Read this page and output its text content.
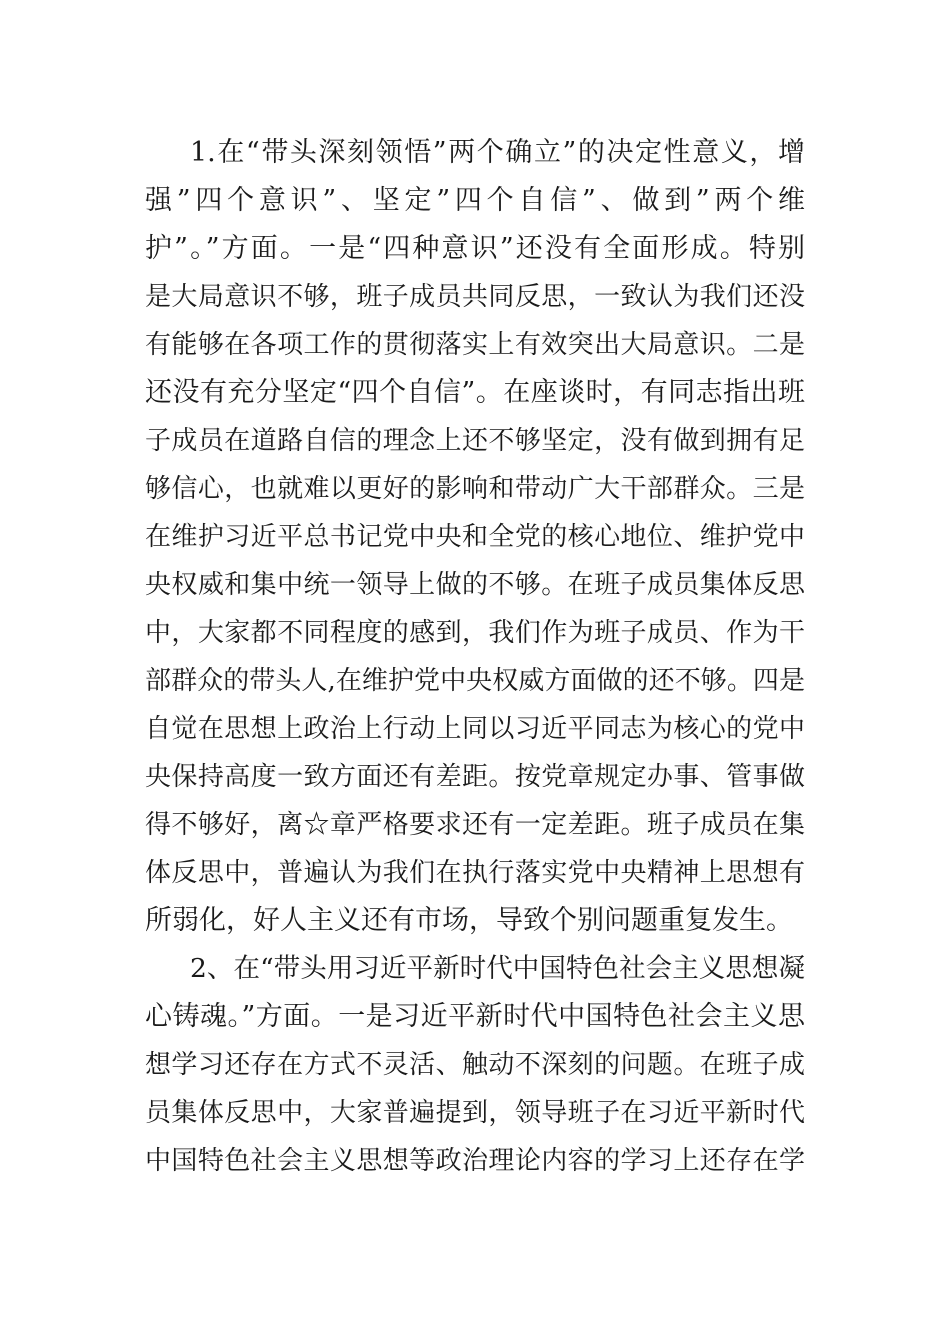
1.在“带头深刻领悟”两个确立”的决定性意义，增
强”四个意识”、坚定”四个自信”、做到”两个维
护”。”方面。一是“四种意识”还没有全面形成。特别
是大局意识不够，班子成员共同反思，一致认为我们还没
有能够在各项工作的贯彻落实上有效突出大局意识。二是
还没有充分坚定“四个自信”。在座谈时，有同志指出班
子成员在道路自信的理念上还不够坚定，没有做到拥有足
够信心，也就难以更好的影响和带动广大干部群众。三是
在维护习近平总书记党中央和全党的核心地位、维护党中
央权威和集中统一领导上做的不够。在班子成员集体反思
中，大家都不同程度的感到，我们作为班子成员、作为干
部群众的带头人,在维护党中央权威方面做的还不够。四是
自觉在思想上政治上行动上同以习近平同志为核心的党中
央保持高度一致方面还有差距。按党章规定办事、管事做
得不够好，离☆章严格要求还有一定差距。班子成员在集
体反思中，普遍认为我们在执行落实党中央精神上思想有
所弱化，好人主义还有市场，导致个别问题重复发生。
2、在“带头用习近平新时代中国特色社会主义思想凝
心铸魂。”方面。一是习近平新时代中国特色社会主义思
想学习还存在方式不灵活、触动不深刻的问题。在班子成
员集体反思中，大家普遍提到，领导班子在习近平新时代
中国特色社会主义思想等政治理论内容的学习上还存在学
